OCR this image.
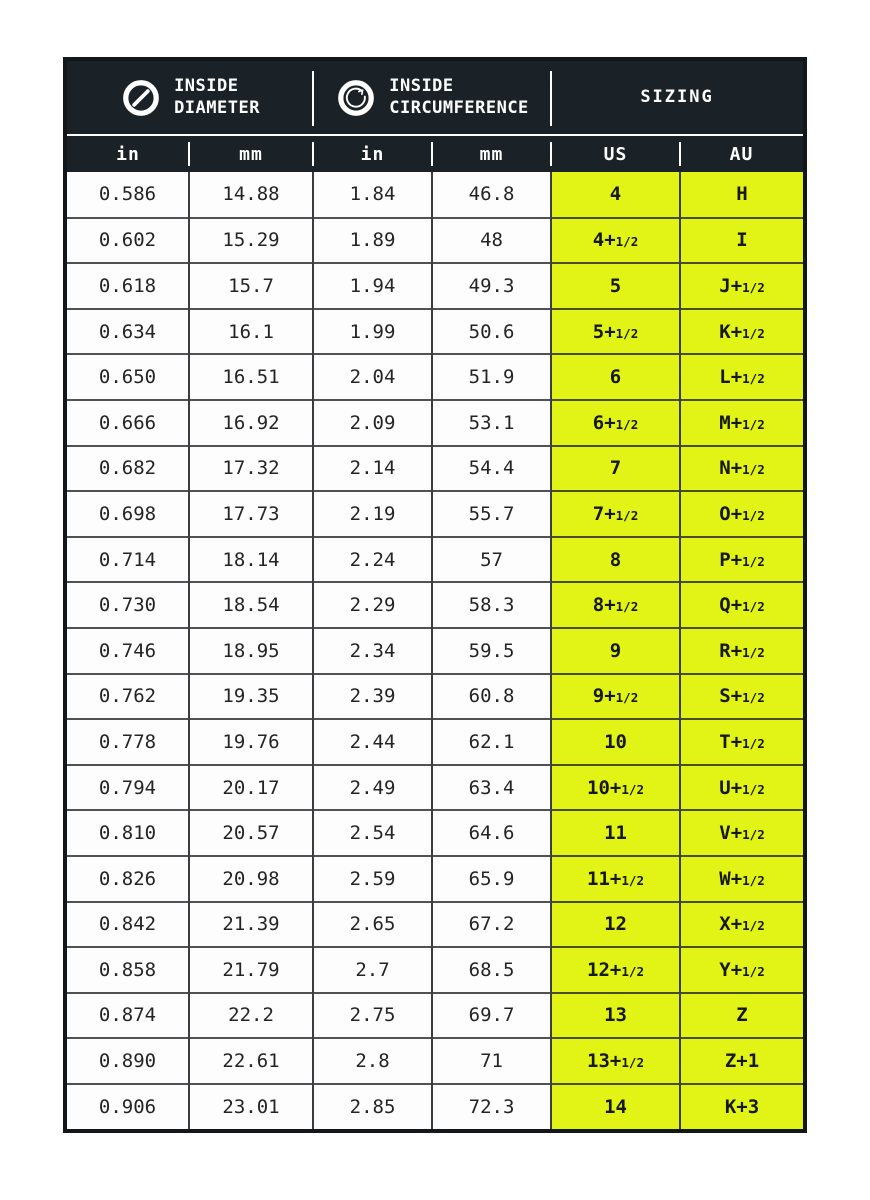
INSIDE
DIAMETER

INSIDE
CIRCUMFERENCE

SIZING

in	mm	in	mm	US	AU
0.586	14.88	1.84	46.8	4	H
0.602	15.29	1.89	48	4+1/2	I
0.618	15.7	1.94	49.3	5	J+1/2
0.634	16.1	1.99	50.6	5+1/2	K+1/2
0.650	16.51	2.04	51.9	6	L+1/2
0.666	16.92	2.09	53.1	6+1/2	M+1/2
0.682	17.32	2.14	54.4	7	N+1/2
0.698	17.73	2.19	55.7	7+1/2	O+1/2
0.714	18.14	2.24	57	8	P+1/2
0.730	18.54	2.29	58.3	8+1/2	Q+1/2
0.746	18.95	2.34	59.5	9	R+1/2
0.762	19.35	2.39	60.8	9+1/2	S+1/2
0.778	19.76	2.44	62.1	10	T+1/2
0.794	20.17	2.49	63.4	10+1/2	U+1/2
0.810	20.57	2.54	64.6	11	V+1/2
0.826	20.98	2.59	65.9	11+1/2	W+1/2
0.842	21.39	2.65	67.2	12	X+1/2
0.858	21.79	2.7	68.5	12+1/2	Y+1/2
0.874	22.2	2.75	69.7	13	Z
0.890	22.61	2.8	71	13+1/2	Z+1
0.906	23.01	2.85	72.3	14	K+3
